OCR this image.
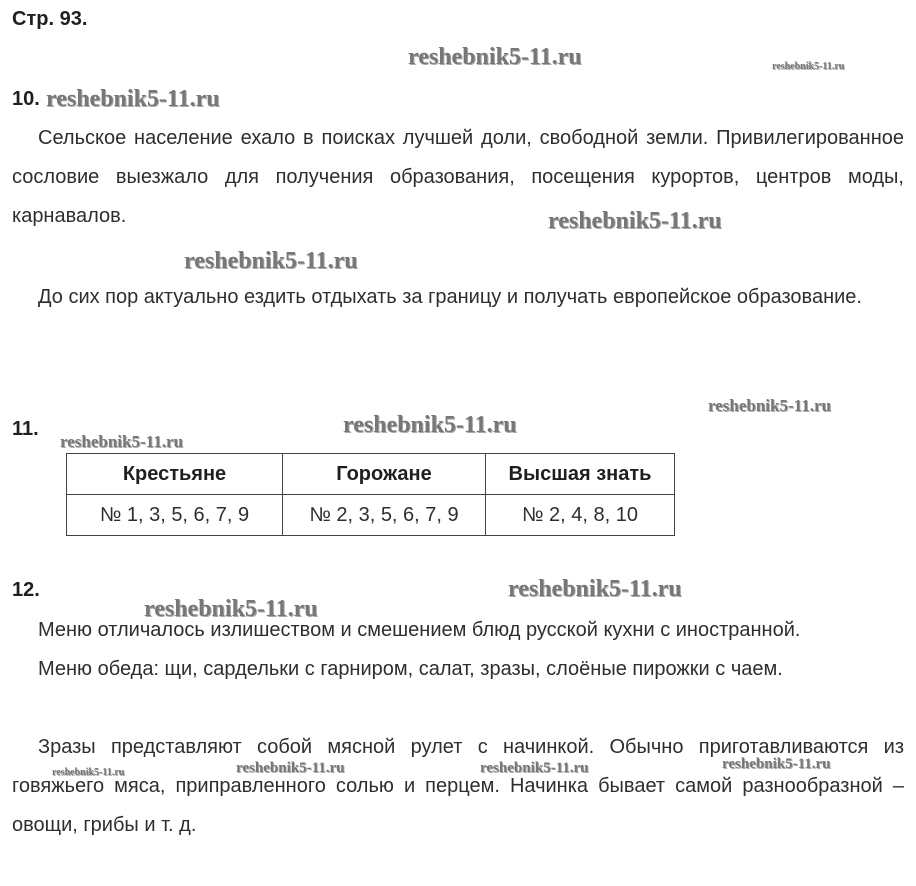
Стр. 93.
10.
Сельское население ехало в поисках лучшей доли, свободной земли. Привилегированное сословие выезжало для получения образования, посещения курортов, центров моды, карнавалов.
До сих пор актуально ездить отдыхать за границу и получать европейское образование.
11.
Крестьяне	Горожане	Высшая знать
№ 1, 3, 5, 6, 7, 9	№ 2, 3, 5, 6, 7, 9	№ 2, 4, 8, 10
12.
Меню отличалось излишеством и смешением блюд русской кухни с иностранной.
Меню обеда: щи, сардельки с гарниром, салат, зразы, слоёные пирожки с чаем.
Зразы представляют собой мясной рулет с начинкой. Обычно приготавливаются из говяжьего мяса, приправленного солью и перцем. Начинка бывает самой разнообразной – овощи, грибы и т. д.
reshebnik5-11.ru	reshebnik5-11.ru
reshebnik5-11.ru
reshebnik5-11.ru
reshebnik5-11.ru
reshebnik5-11.ru
reshebnik5-11.ru
reshebnik5-11.ru
reshebnik5-11.ru
reshebnik5-11.ru
reshebnik5-11.ru	reshebnik5-11.ru	reshebnik5-11.ru	reshebnik5-11.ru
